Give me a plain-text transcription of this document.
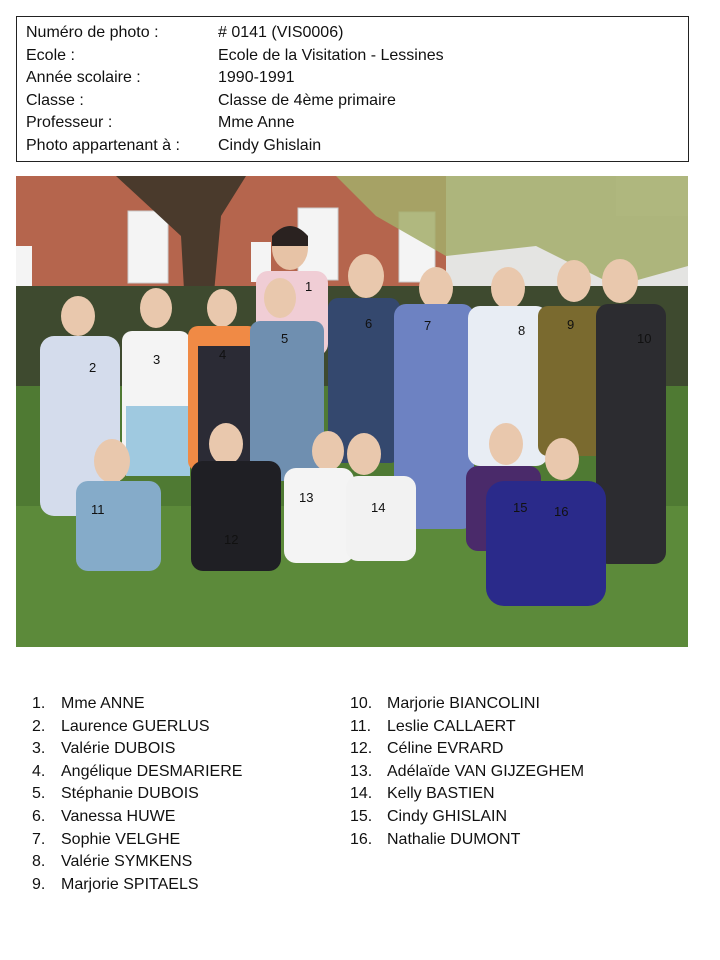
Numéro de photo :	# 0141 (VIS0006)
Ecole :	Ecole de la Visitation - Lessines
Année scolaire :	1990-1991
Classe :	Classe de 4ème primaire
Professeur :	Mme Anne
Photo appartenant à :	Cindy Ghislain
1
2
3	4
5
6	7	8	9
10
11
12
13
14	15 16
1. Mme ANNE
2. Laurence GUERLUS
3. Valérie DUBOIS
4. Angélique DESMARIERE
5. Stéphanie DUBOIS
6. Vanessa HUWE
7. Sophie VELGHE
8. Valérie SYMKENS
9. Marjorie SPITAELS
10. Marjorie BIANCOLINI
11. Leslie CALLAERT
12. Céline EVRARD
13. Adélaïde VAN GIJZEGHEM
14. Kelly BASTIEN
15. Cindy GHISLAIN
16. Nathalie DUMONT
